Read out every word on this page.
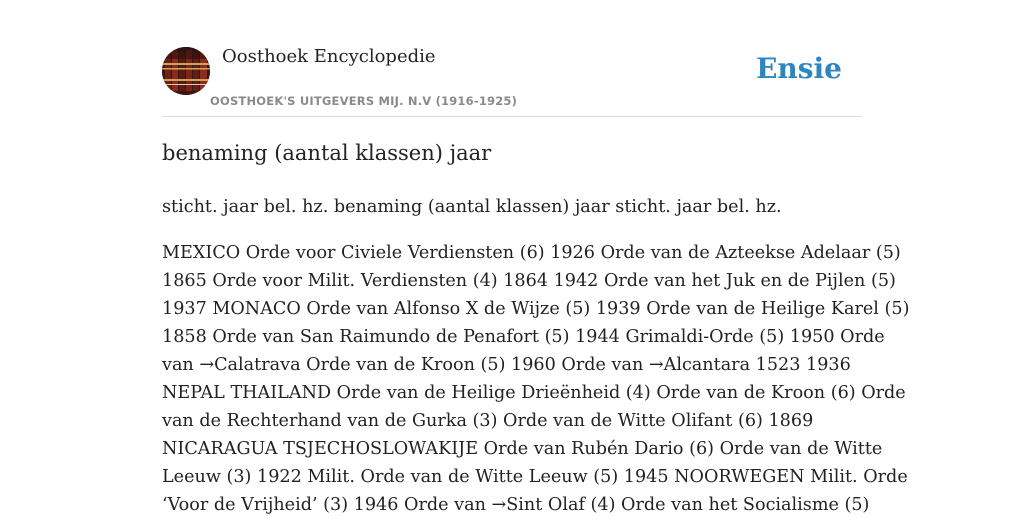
Oosthoek Encyclopedie
OOSTHOEK'S UITGEVERS MIJ. N.V (1916-1925)
Ensie
benaming (aantal klassen) jaar

sticht. jaar bel. hz. benaming (aantal klassen) jaar sticht. jaar bel. hz.

MEXICO Orde voor Civiele Verdiensten (6) 1926 Orde van de Azteekse Adelaar (5)
1865 Orde voor Milit. Verdiensten (4) 1864 1942 Orde van het Juk en de Pijlen (5)
1937 MONACO Orde van Alfonso X de Wijze (5) 1939 Orde van de Heilige Karel (5)
1858 Orde van San Raimundo de Penafort (5) 1944 Grimaldi-Orde (5) 1950 Orde
van →Calatrava Orde van de Kroon (5) 1960 Orde van →Alcantara 1523 1936
NEPAL THAILAND Orde van de Heilige Drieënheid (4) Orde van de Kroon (6) Orde
van de Rechterhand van de Gurka (3) Orde van de Witte Olifant (6) 1869
NICARAGUA TSJECHOSLOWAKIJE Orde van Rubén Dario (6) Orde van de Witte
Leeuw (3) 1922 Milit. Orde van de Witte Leeuw (5) 1945 NOORWEGEN Milit. Orde
‘Voor de Vrijheid’ (3) 1946 Orde van →Sint Olaf (4) Orde van het Socialisme (5)
